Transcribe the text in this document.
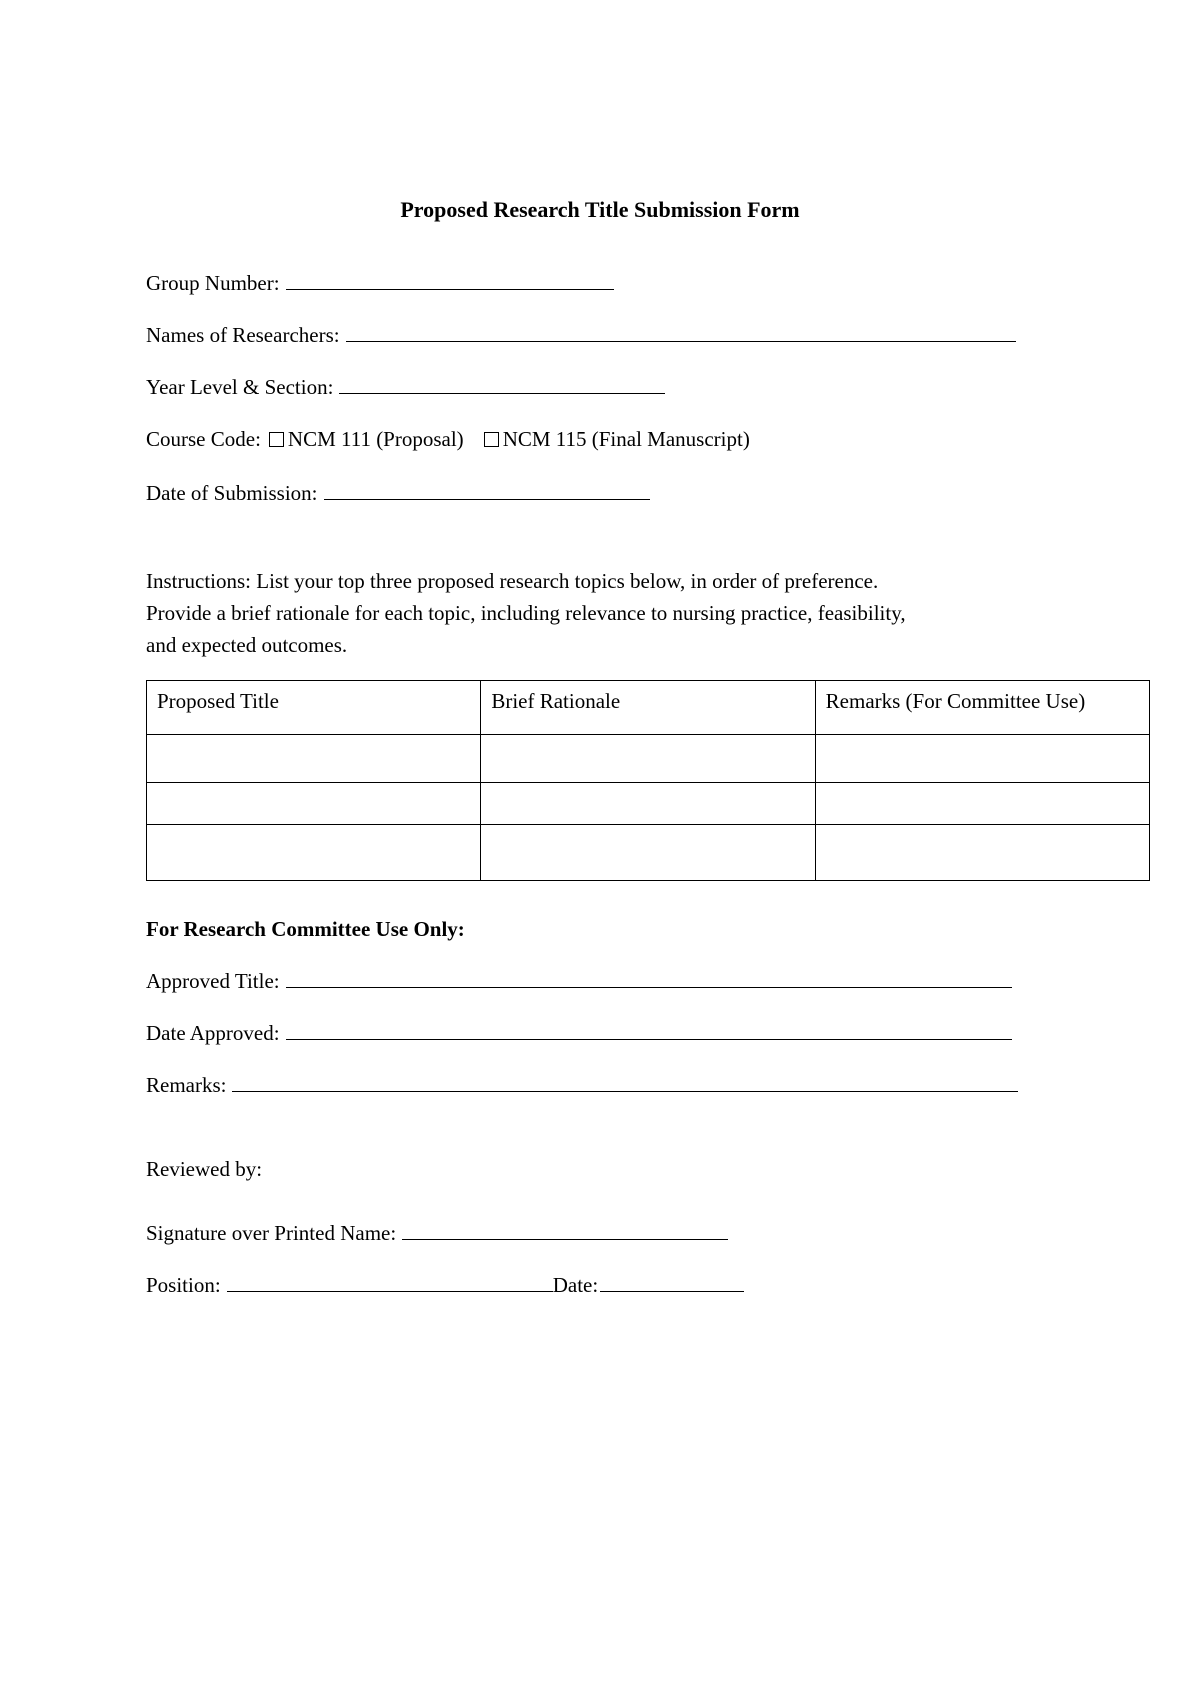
Proposed Research Title Submission Form
Group Number:
Names of Researchers:
Year Level & Section:
Course Code: NCM 111 (Proposal) NCM 115 (Final Manuscript)
Date of Submission:
Instructions: List your top three proposed research topics below, in order of preference.
Provide a brief rationale for each topic, including relevance to nursing practice, feasibility,
and expected outcomes.
Proposed Title	Brief Rationale	Remarks (For Committee Use)

For Research Committee Use Only:
Approved Title:
Date Approved:
Remarks:
Reviewed by:
Signature over Printed Name:
Position:	Date:
